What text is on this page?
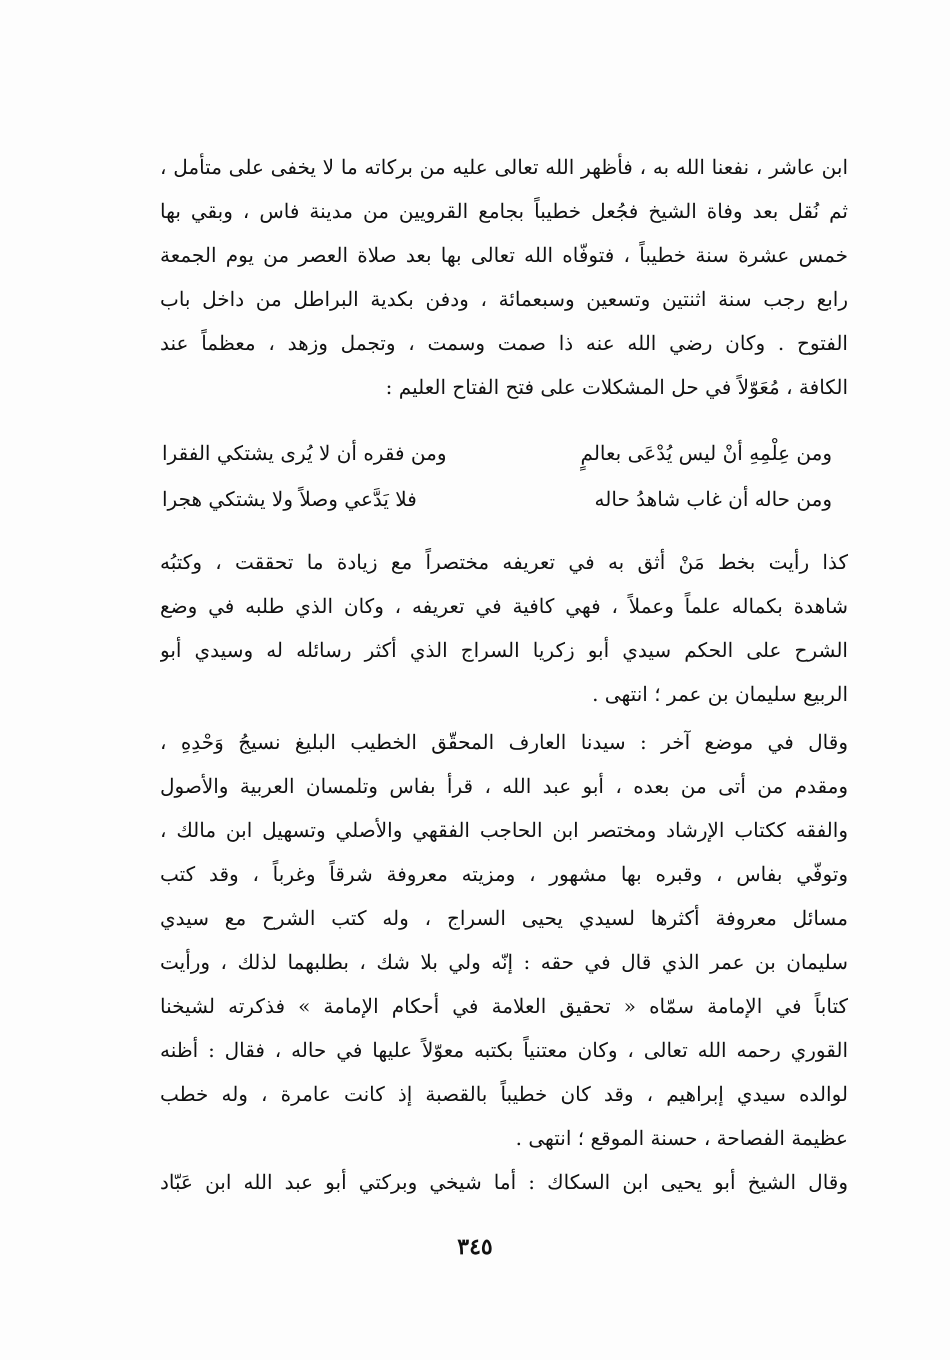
ابن عاشر ، نفعنا الله به ، فأظهر الله تعالى عليه من بركاته ما لا يخفى على متأمل ،
ثم نُقل بعد وفاة الشيخ فجُعل خطيباً بجامع القرويين من مدينة فاس ، وبقي بها
خمس عشرة سنة خطيباً ، فتوفّاه الله تعالى بها بعد صلاة العصر من يوم الجمعة
رابع رجب سنة اثنتين وتسعين وسبعمائة ، ودفن بكدية البراطل من داخل باب
الفتوح . وكان رضي الله عنه ذا صمت وسمت ، وتجمل وزهد ، معظماً عند
الكافة ، مُعَوّلاً في حل المشكلات على فتح الفتاح العليم :
ومن عِلْمِهِ أنْ ليس يُدْعَى بعالمٍ
ومن فقره أن لا يُرى يشتكي الفقرا
ومن حاله أن غاب شاهدُ حاله
فلا يَدَّعي وصلاً ولا يشتكي هجرا
كذا رأيت بخط مَنْ أثق به في تعريفه مختصراً مع زيادة ما تحققت ، وكتبُه
شاهدة بكماله علماً وعملاً ، فهي كافية في تعريفه ، وكان الذي طلبه في وضع
الشرح على الحكم سيدي أبو زكريا السراج الذي أكثر رسائله له وسيدي أبو
الربيع سليمان بن عمر ؛ انتهى .
وقال في موضع آخر : سيدنا العارف المحقّق الخطيب البليغ نسيجُ وَحْدِهِ ،
ومقدم من أتى من بعده ، أبو عبد الله ، قرأ بفاس وتلمسان العربية والأصول
والفقه ككتاب الإرشاد ومختصر ابن الحاجب الفقهي والأصلي وتسهيل ابن مالك ،
وتوفّي بفاس ، وقبره بها مشهور ، ومزيته معروفة شرقاً وغرباً ، وقد كتب
مسائل معروفة أكثرها لسيدي يحيى السراج ، وله كتب الشرح مع سيدي
سليمان بن عمر الذي قال في حقه : إنّه ولي بلا شك ، بطلبهما لذلك ، ورأيت
كتاباً في الإمامة سمّاه « تحقيق العلامة في أحكام الإمامة » فذكرته لشيخنا
القوري رحمه الله تعالى ، وكان معتنياً بكتبه معوّلاً عليها في حاله ، فقال : أظنه
لوالده سيدي إبراهيم ، وقد كان خطيباً بالقصبة إذ كانت عامرة ، وله خطب
عظيمة الفصاحة ، حسنة الموقع ؛ انتهى .
وقال الشيخ أبو يحيى ابن السكاك : أما شيخي وبركتي أبو عبد الله ابن عَبّاد
٣٤٥
